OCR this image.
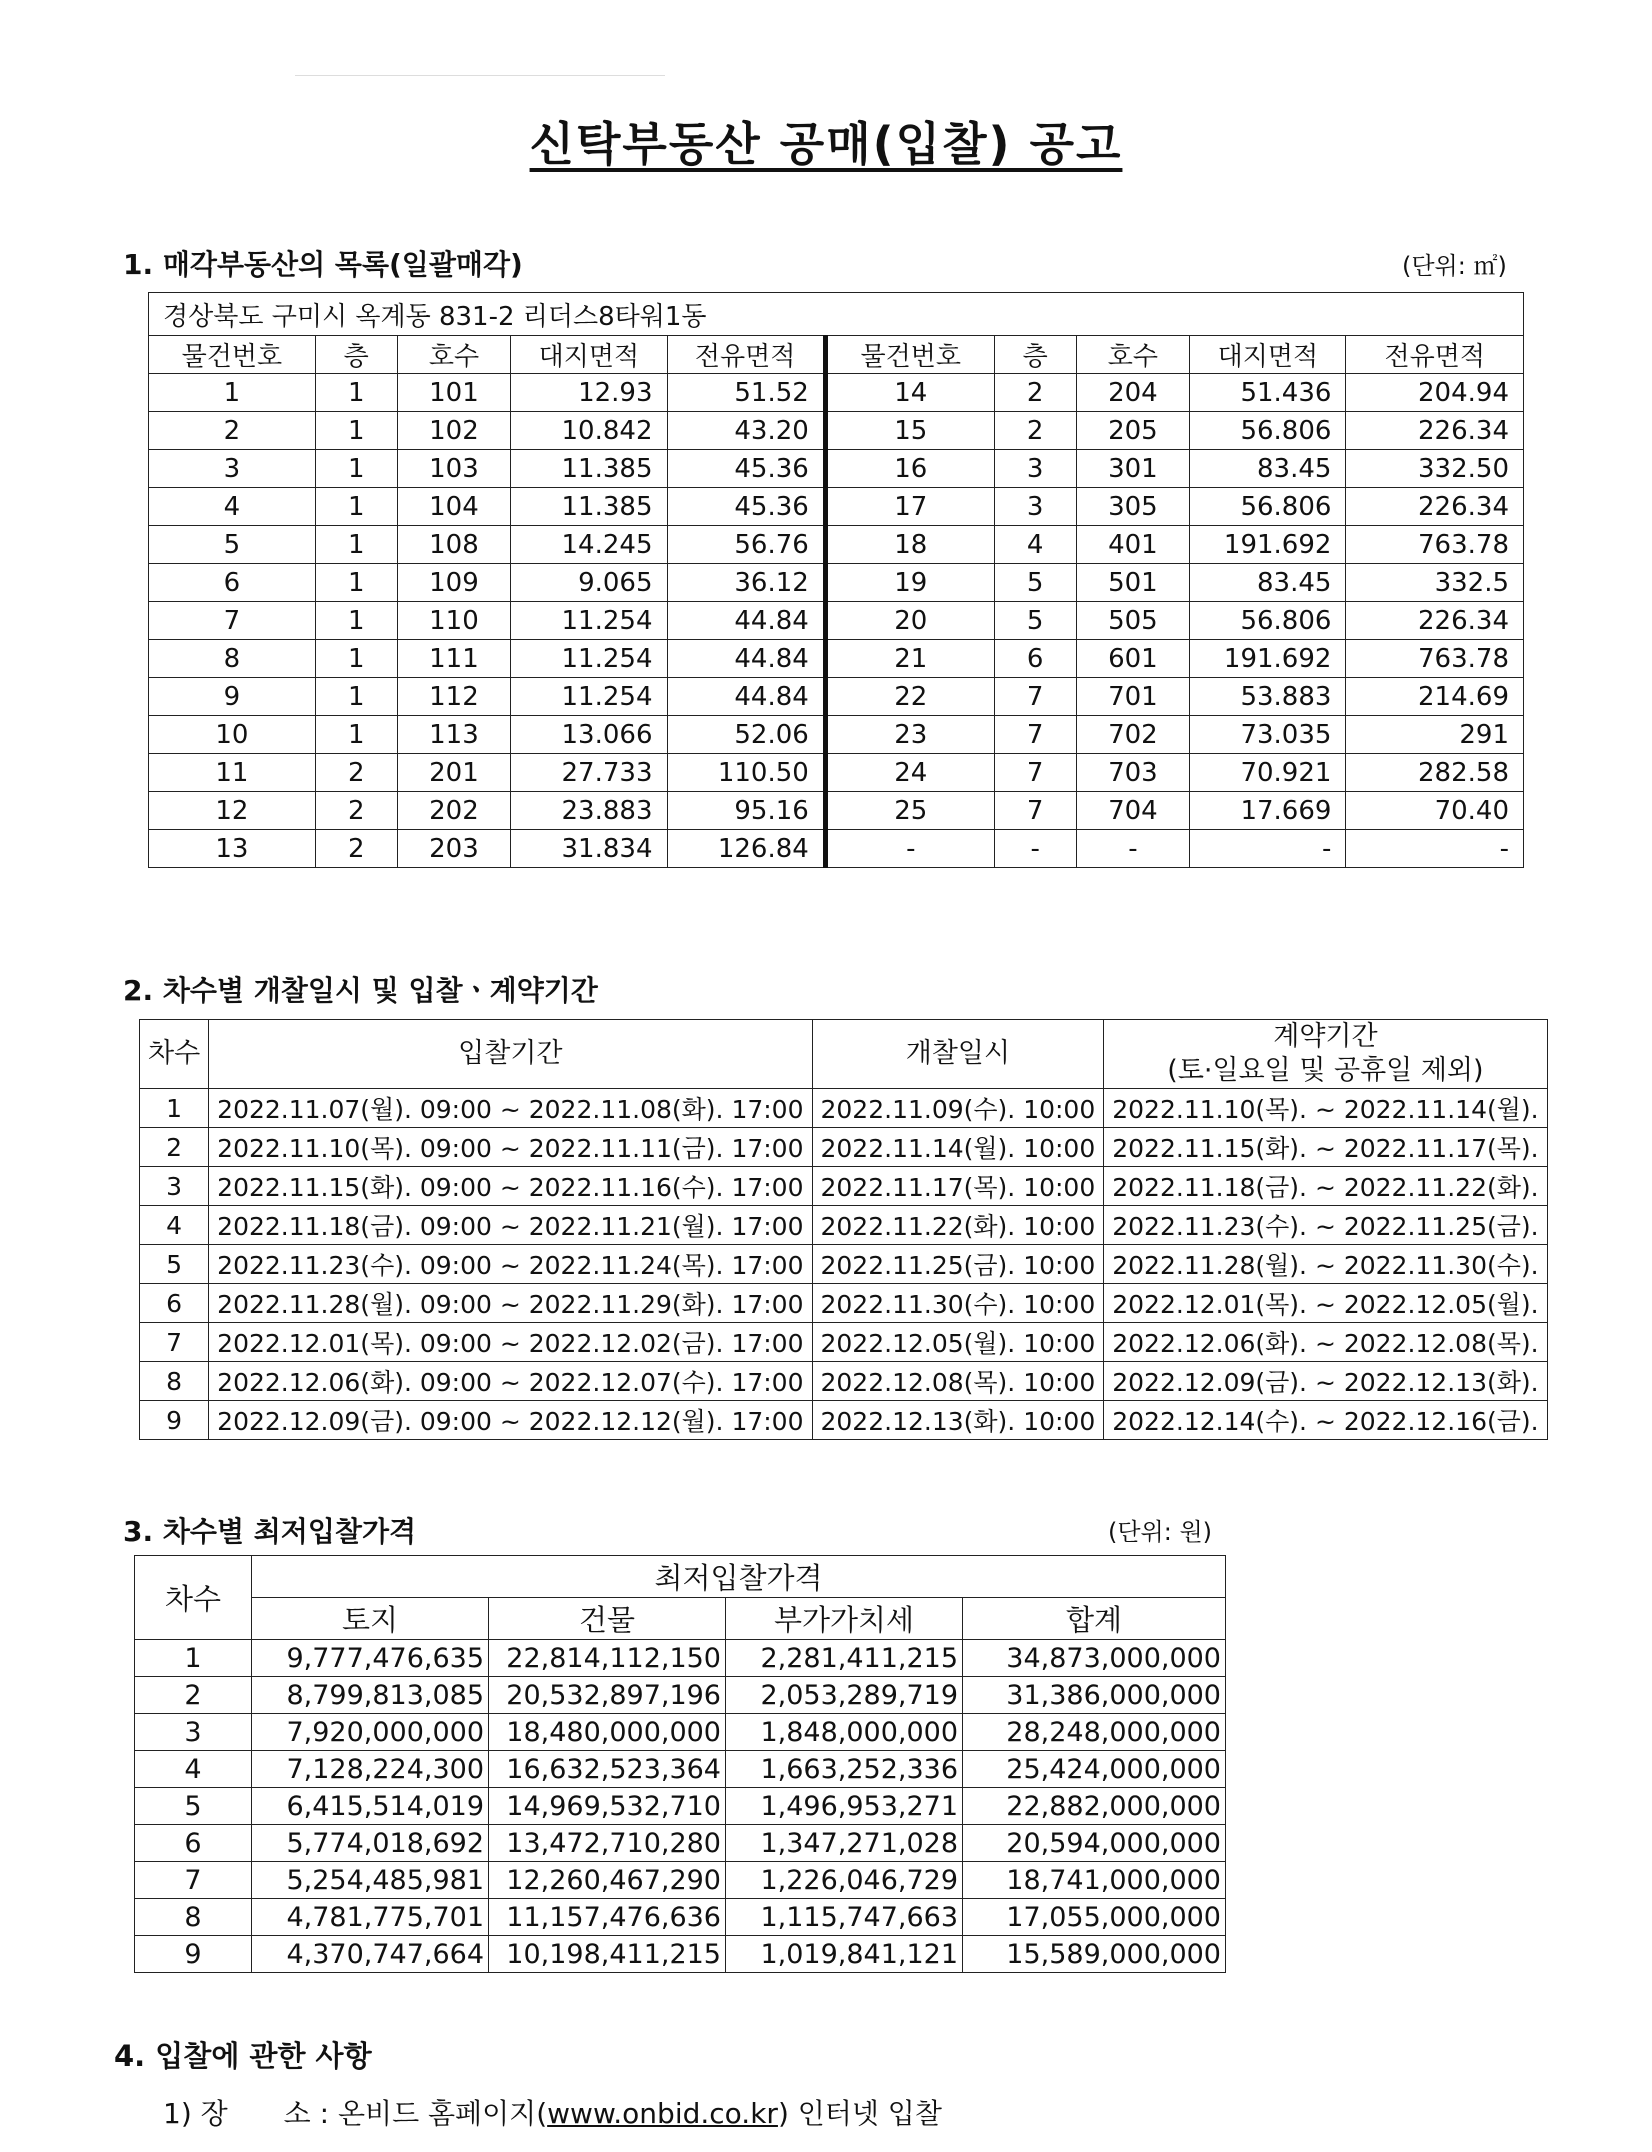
신탁부동산 공매(입찰) 공고
1. 매각부동산의 목록(일괄매각)	(단위: ㎡)
경상북도 구미시 옥계동 831-2 리더스8타워1동									
물건번호	층	호수	대지면적	전유면적	물건번호	층	호수	대지면적	전유면적
1	1	101	12.93	51.52	14	2	204	51.436	204.94
2	1	102	10.842	43.20	15	2	205	56.806	226.34
3	1	103	11.385	45.36	16	3	301	83.45	332.50
4	1	104	11.385	45.36	17	3	305	56.806	226.34
5	1	108	14.245	56.76	18	4	401	191.692	763.78
6	1	109	9.065	36.12	19	5	501	83.45	332.5
7	1	110	11.254	44.84	20	5	505	56.806	226.34
8	1	111	11.254	44.84	21	6	601	191.692	763.78
9	1	112	11.254	44.84	22	7	701	53.883	214.69
10	1	113	13.066	52.06	23	7	702	73.035	291
11	2	201	27.733	110.50	24	7	703	70.921	282.58
12	2	202	23.883	95.16	25	7	704	17.669	70.40
13	2	203	31.834	126.84	-	-	-	-	-
2. 차수별 개찰일시 및 입찰ㆍ계약기간
차수	입찰기간	개찰일시	계약기간
(토·일요일 및 공휴일 제외)

1	2022.11.07(월). 09:00 ~ 2022.11.08(화). 17:00	2022.11.09(수). 10:00	2022.11.10(목). ~ 2022.11.14(월).
2	2022.11.10(목). 09:00 ~ 2022.11.11(금). 17:00	2022.11.14(월). 10:00	2022.11.15(화). ~ 2022.11.17(목).
3	2022.11.15(화). 09:00 ~ 2022.11.16(수). 17:00	2022.11.17(목). 10:00	2022.11.18(금). ~ 2022.11.22(화).
4	2022.11.18(금). 09:00 ~ 2022.11.21(월). 17:00	2022.11.22(화). 10:00	2022.11.23(수). ~ 2022.11.25(금).
5	2022.11.23(수). 09:00 ~ 2022.11.24(목). 17:00	2022.11.25(금). 10:00	2022.11.28(월). ~ 2022.11.30(수).
6	2022.11.28(월). 09:00 ~ 2022.11.29(화). 17:00	2022.11.30(수). 10:00	2022.12.01(목). ~ 2022.12.05(월).
7	2022.12.01(목). 09:00 ~ 2022.12.02(금). 17:00	2022.12.05(월). 10:00	2022.12.06(화). ~ 2022.12.08(목).
8	2022.12.06(화). 09:00 ~ 2022.12.07(수). 17:00	2022.12.08(목). 10:00	2022.12.09(금). ~ 2022.12.13(화).
9	2022.12.09(금). 09:00 ~ 2022.12.12(월). 17:00	2022.12.13(화). 10:00	2022.12.14(수). ~ 2022.12.16(금).
3. 차수별 최저입찰가격	(단위: 원)
차수	최저입찰가격			
	토지	건물	부가가치세	합계
1	9,777,476,635	22,814,112,150	2,281,411,215	34,873,000,000
2	8,799,813,085	20,532,897,196	2,053,289,719	31,386,000,000
3	7,920,000,000	18,480,000,000	1,848,000,000	28,248,000,000
4	7,128,224,300	16,632,523,364	1,663,252,336	25,424,000,000
5	6,415,514,019	14,969,532,710	1,496,953,271	22,882,000,000
6	5,774,018,692	13,472,710,280	1,347,271,028	20,594,000,000
7	5,254,485,981	12,260,467,290	1,226,046,729	18,741,000,000
8	4,781,775,701	11,157,476,636	1,115,747,663	17,055,000,000
9	4,370,747,664	10,198,411,215	1,019,841,121	15,589,000,000
4. 입찰에 관한 사항
1) 장　　소 : 온비드 홈페이지(www.onbid.co.kr) 인터넷 입찰
